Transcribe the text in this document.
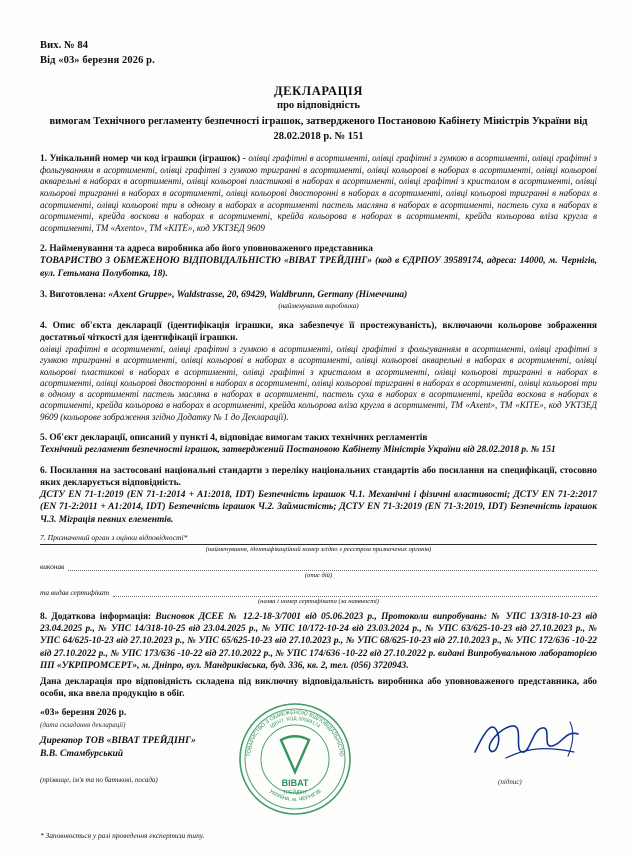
Вих. № 84
Від «03» березня 2026 р.
ДЕКЛАРАЦІЯ
про відповідність
вимогам Технічного регламенту безпечності іграшок, затвердженого Постановою Кабінету Міністрів України від 28.02.2018 р. № 151
1. Унікальний номер чи код іграшки (іграшок) - олівці графітні в асортименті, олівці графітні з гумкою в асортименті, олівці графітні з фольгуванням в асортименті, олівці графітні з гумкою тригранні в асортименті, олівці кольорові в наборах в асортименті, олівці кольорові акварельні в наборах в асортименті, олівці кольорові пластикові в наборах в асортименті, олівці графітні з кристалом в асортименті, олівці кольорові тригранні в наборах в асортименті, олівці кольорові двосторонні в наборах в асортименті, олівці кольорові тригранні в наборах в асортименті, олівці кольорові три в одному в наборах в асортименті пастель масляна в наборах в асортименті, пастель суха в наборах в асортименті, крейда воскова в наборах в асортименті, крейда кольорова в наборах в асортименті, крейда кольорова вліза кругла в асортименті, ТМ «Axento», ТМ «КІТЕ», код УКТЗЕД 9609
2. Найменування та адреса виробника або його уповноваженого представника
ТОВАРИСТВО З ОБМЕЖЕНОЮ ВІДПОВІДАЛЬНІСТЮ «ВІВАТ ТРЕЙДІНГ» (код в ЄДРПОУ 39589174, адреса: 14000, м. Чернігів, вул. Гетьмана Полуботка, 18).
3. Виготовлена: «Axent Gruppe», Waldstrasse, 20, 69429, Waldbrunn, Germany (Німеччина)
(найменування виробника)
4. Опис об'єкта декларації (ідентифікація іграшки, яка забезпечує її простежуваність), включаючи кольорове зображення достатньої чіткості для ідентифікації іграшки.
олівці графітні в асортименті, олівці графітні з гумкою в асортименті, олівці графітні з фольгуванням в асортименті, олівці графітні з гумкою тригранні в асортименті, олівці кольорові в наборах в асортименті, олівці кольорові акварельні в наборах в асортименті, олівці кольорові пластикові в наборах в асортименті, олівці графітні з кристалом в асортименті, олівці кольорові тригранні в наборах в асортименті, олівці кольорові двосторонні в наборах в асортименті, олівці кольорові тригранні в наборах в асортименті, олівці кольорові три в одному в асортименті пастель масляна в наборах в асортименті, пастель суха в наборах в асортименті, крейда воскова в наборах в асортименті, крейда кольорова в наборах в асортименті, крейда кольорова вліза кругла в асортименті, ТМ «Axent», ТМ «КІТЕ», код УКТЗЕД 9609 (кольорове зображення згідно Додатку № 1 до Декларації).
5. Об'єкт декларації, описаний у пункті 4, відповідає вимогам таких технічних регламентів
Технічний регламент безпечності іграшок, затверджений Постановою Кабінету Міністрів України від 28.02.2018 р. № 151
6. Посилання на застосовані національні стандарти з переліку національних стандартів або посилання на специфікації, стосовно яких декларується відповідність.
ДСТУ EN 71-1:2019 (EN 71-1:2014 + A1:2018, IDT) Безпечність іграшок Ч.1. Механічні і фізичні властивості; ДСТУ EN 71-2:2017 (EN 71-2:2011 + A1:2014, IDT) Безпечність іграшок Ч.2. Займистість; ДСТУ EN 71-3:2019 (EN 71-3:2019, IDT) Безпечність іграшок Ч.3. Міграція певних елементів.
7. Призначений орган з оцінки відповідності*
(найменування, ідентифікаційний номер згідно з реєстром призначених органів)
виконав
(опис дій)
та видав сертифікат
(назва і номер сертифіката (за наявності)
8. Додаткова інформація: Висновок ДСЕЕ № 12.2-18-3/7001 від 05.06.2023 р., Протоколи випробувань: № УПС 13/318-10-23 від 23.04.2025 р., № УПС 14/318-10-25 від 23.04.2025 р., № УПС 10/172-10-24 від 23.03.2024 р., № УПС 63/625-10-23 від 27.10.2023 р., № УПС 64/625-10-23 від 27.10.2023 р., № УПС 65/625-10-23 від 27.10.2023 р., № УПС 68/625-10-23 від 27.10.2023 р., № УПС 172/636 -10-22 від 27.10.2022 р., № УПС 173/636 -10-22 від 27.10.2022 р., № УПС 174/636 -10-22 від 27.10.2022 р. видані Випробувальною лабораторією ПП «УКРПРОМСЕРТ», м. Дніпро, вул. Мандриківська, буд. 336, кв. 2, тел. (056) 3720943.
Дана декларація про відповідність складена під виключну відповідальність виробника або уповноваженого представника, або особи, яка ввела продукцію в обіг.
«03» березня 2026 р.
(дата складання декларації)
Директор ТОВ «ВІВАТ ТРЕЙДІНГ»
В.В. Стамбурський
(прізвище, ім'я та по батькові, посада)
ТОВАРИСТВО З ОБМЕЖЕНОЮ ВІДПОВІДАЛЬНІСТЮ
ІДЕНТ. КОД 39589174
УКРАЇНА, м. ЧЕРНІГІВ
BIBAT
ТРЕЙДІНГ
(підпис)
* Заповнюється у разі проведення експертизи типу.
